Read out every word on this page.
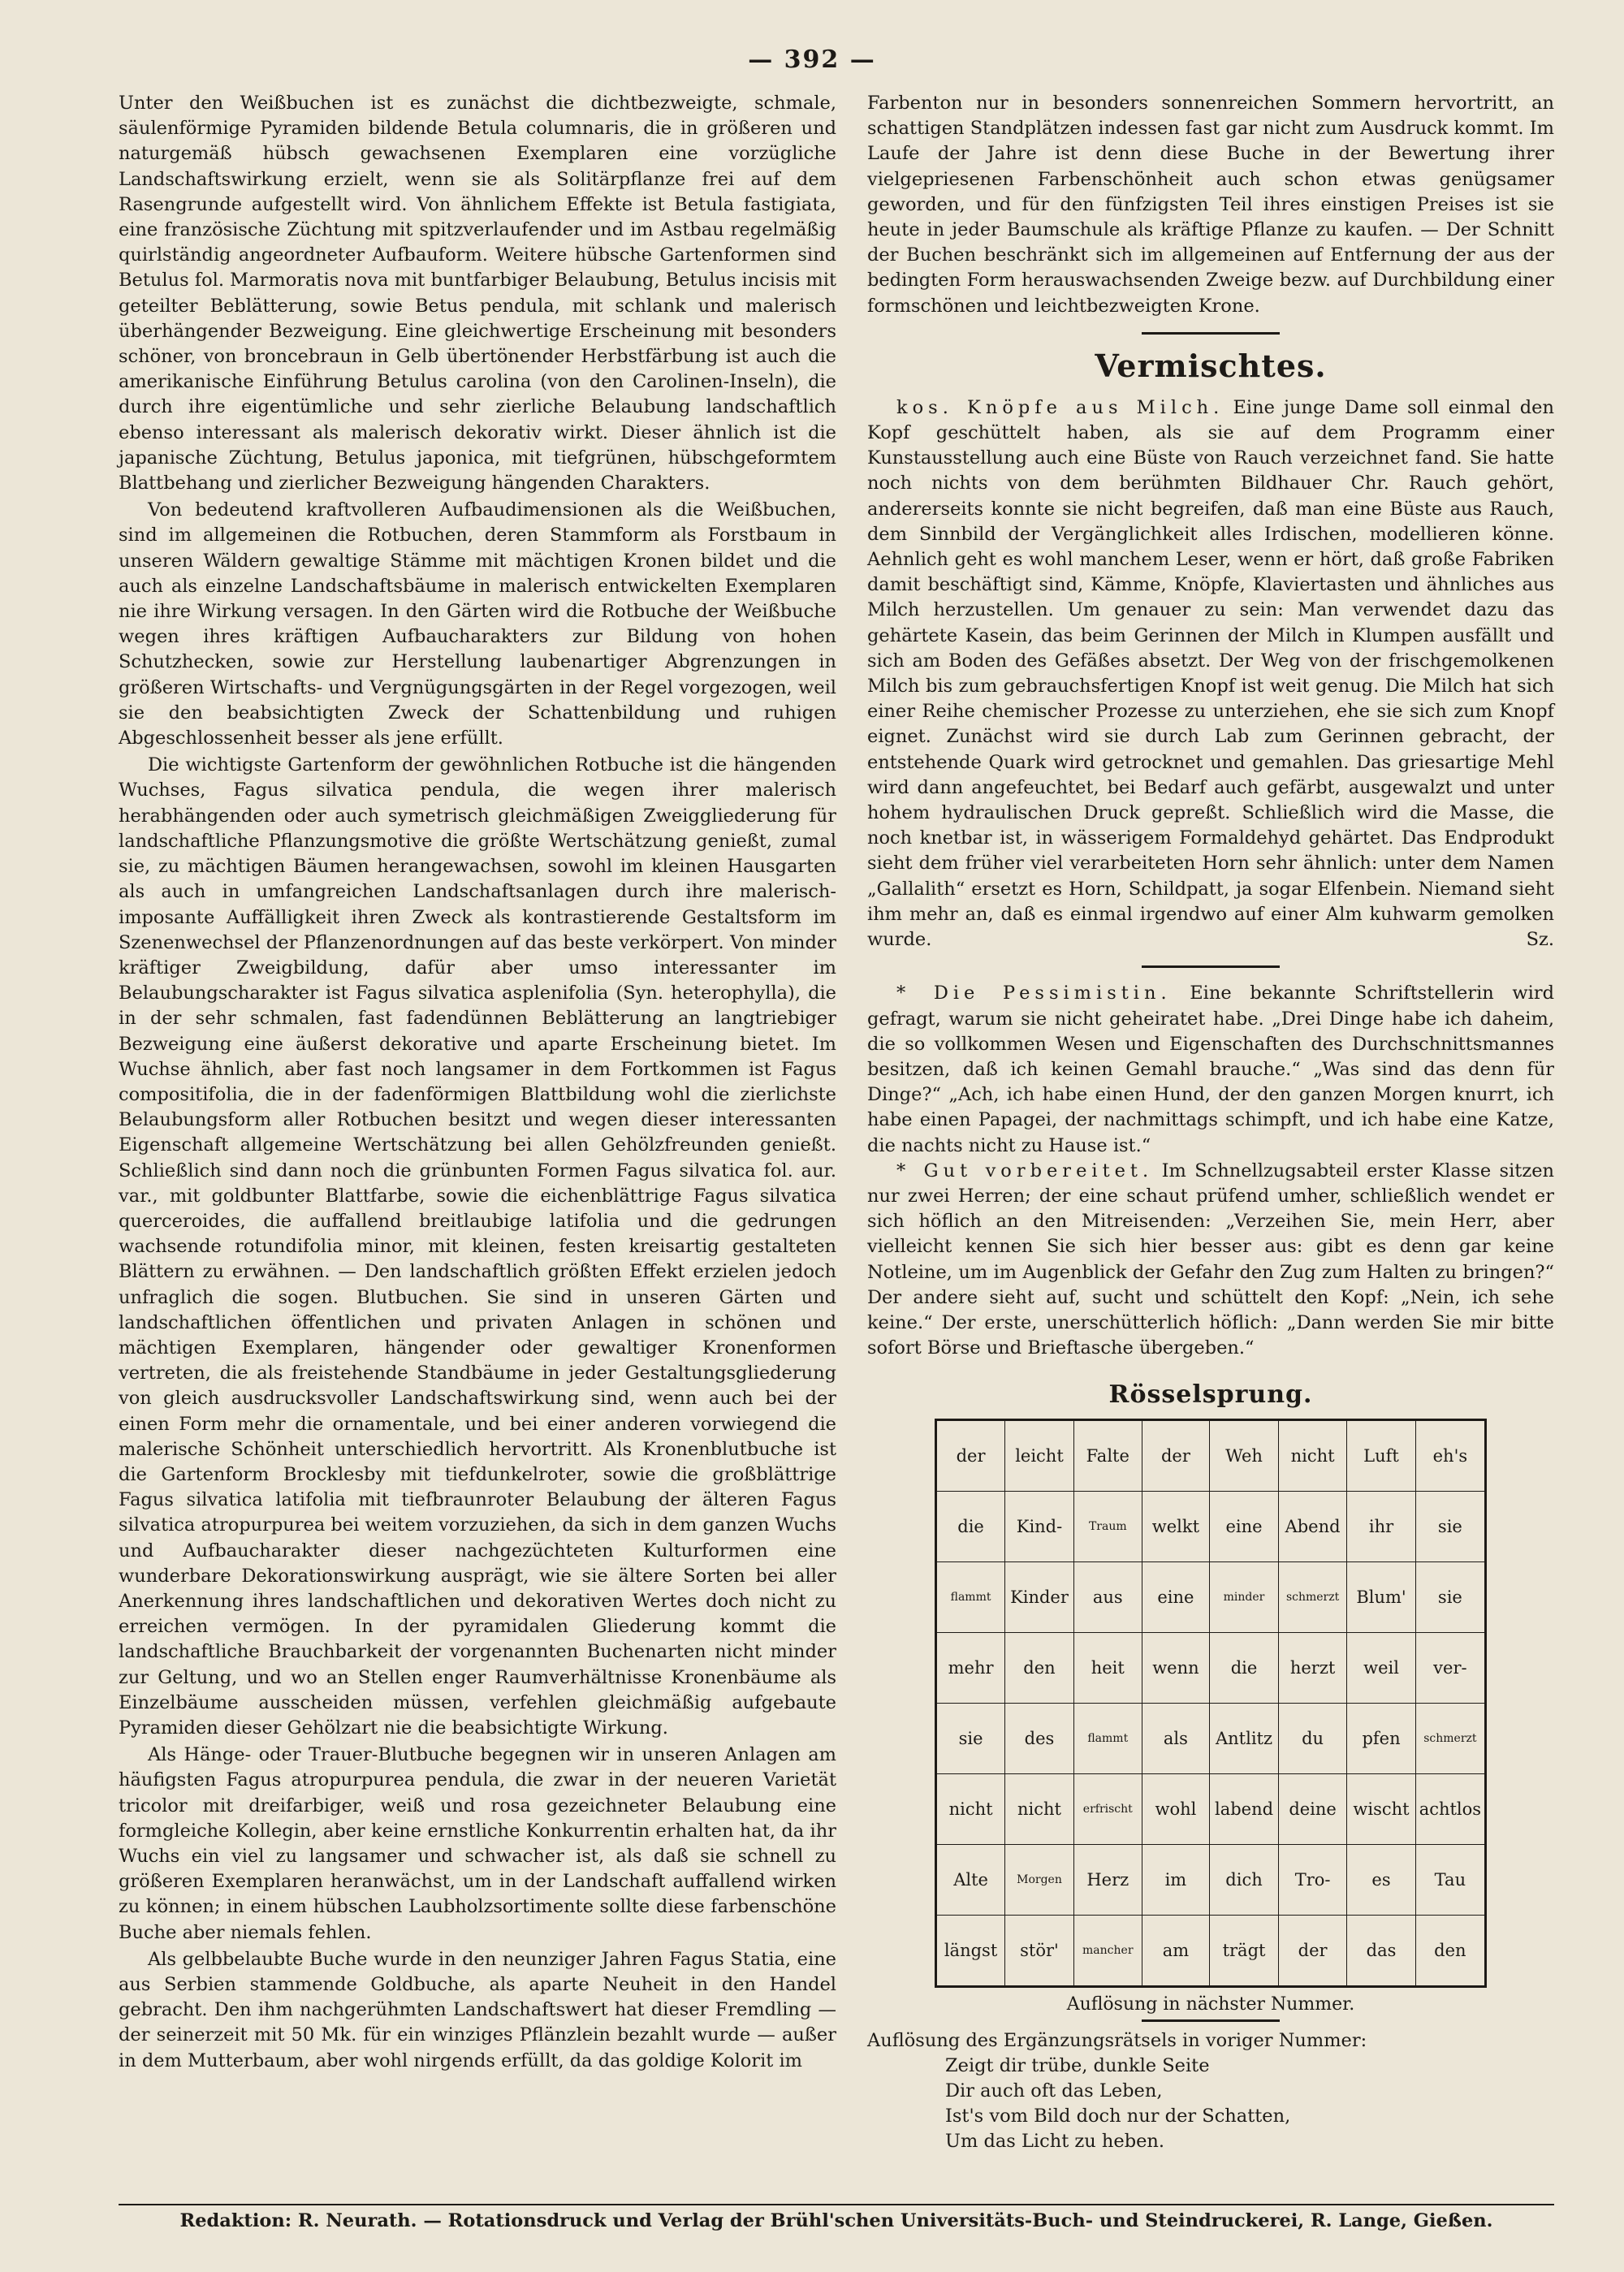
— 392 —

Unter den Weißbuchen ist es zunächst die dichtbezweigte, schmale, säulenförmige Pyramiden bildende Betula columnaris, die in größeren und naturgemäß hübsch gewachsenen Exemplaren eine vorzügliche Landschaftswirkung erzielt, wenn sie als Solitärpflanze frei auf dem Rasengrunde aufgestellt wird. Von ähnlichem Effekte ist Betula fastigiata, eine französische Züchtung mit spitzverlaufender und im Astbau regelmäßig quirlständig angeordneter Aufbauform. Weitere hübsche Gartenformen sind Betulus fol. Marmoratis nova mit buntfarbiger Belaubung, Betulus incisis mit geteilter Beblätterung, sowie Betus pendula, mit schlank und malerisch überhängender Bezweigung. Eine gleichwertige Erscheinung mit besonders schöner, von broncebraun in Gelb übertönender Herbstfärbung ist auch die amerikanische Einführung Betulus carolina (von den Carolinen-Inseln), die durch ihre eigentümliche und sehr zierliche Belaubung landschaftlich ebenso interessant als malerisch dekorativ wirkt. Dieser ähnlich ist die japanische Züchtung, Betulus japonica, mit tiefgrünen, hübschgeformtem Blattbehang und zierlicher Bezweigung hängenden Charakters.

Von bedeutend kraftvolleren Aufbaudimensionen als die Weißbuchen, sind im allgemeinen die Rotbuchen, deren Stammform als Forstbaum in unseren Wäldern gewaltige Stämme mit mächtigen Kronen bildet und die auch als einzelne Landschaftsbäume in malerisch entwickelten Exemplaren nie ihre Wirkung versagen. In den Gärten wird die Rotbuche der Weißbuche wegen ihres kräftigen Aufbaucharakters zur Bildung von hohen Schutzhecken, sowie zur Herstellung laubenartiger Abgrenzungen in größeren Wirtschafts- und Vergnügungsgärten in der Regel vorgezogen, weil sie den beabsichtigten Zweck der Schattenbildung und ruhigen Abgeschlossenheit besser als jene erfüllt.

Die wichtigste Gartenform der gewöhnlichen Rotbuche ist die hängenden Wuchses, Fagus silvatica pendula, die wegen ihrer malerisch herabhängenden oder auch symetrisch gleichmäßigen Zweiggliederung für landschaftliche Pflanzungsmotive die größte Wertschätzung genießt, zumal sie, zu mächtigen Bäumen herangewachsen, sowohl im kleinen Hausgarten als auch in umfangreichen Landschaftsanlagen durch ihre malerisch-imposante Auffälligkeit ihren Zweck als kontrastierende Gestaltsform im Szenenwechsel der Pflanzenordnungen auf das beste verkörpert. Von minder kräftiger Zweigbildung, dafür aber umso interessanter im Belaubungscharakter ist Fagus silvatica asplenifolia (Syn. heterophylla), die in der sehr schmalen, fast fadendünnen Beblätterung an langtriebiger Bezweigung eine äußerst dekorative und aparte Erscheinung bietet. Im Wuchse ähnlich, aber fast noch langsamer in dem Fortkommen ist Fagus compositifolia, die in der fadenförmigen Blattbildung wohl die zierlichste Belaubungsform aller Rotbuchen besitzt und wegen dieser interessanten Eigenschaft allgemeine Wertschätzung bei allen Gehölzfreunden genießt. Schließlich sind dann noch die grünbunten Formen Fagus silvatica fol. aur. var., mit goldbunter Blattfarbe, sowie die eichenblättrige Fagus silvatica querceroides, die auffallend breitlaubige latifolia und die gedrungen wachsende rotundifolia minor, mit kleinen, festen kreisartig gestalteten Blättern zu erwähnen. — Den landschaftlich größten Effekt erzielen jedoch unfraglich die sogen. Blutbuchen. Sie sind in unseren Gärten und landschaftlichen öffentlichen und privaten Anlagen in schönen und mächtigen Exemplaren, hängender oder gewaltiger Kronenformen vertreten, die als freistehende Standbäume in jeder Gestaltungsgliederung von gleich ausdrucksvoller Landschaftswirkung sind, wenn auch bei der einen Form mehr die ornamentale, und bei einer anderen vorwiegend die malerische Schönheit unterschiedlich hervortritt. Als Kronenblutbuche ist die Gartenform Brocklesby mit tiefdunkelroter, sowie die großblättrige Fagus silvatica latifolia mit tiefbraunroter Belaubung der älteren Fagus silvatica atropurpurea bei weitem vorzuziehen, da sich in dem ganzen Wuchs und Aufbaucharakter dieser nachgezüchteten Kulturformen eine wunderbare Dekorationswirkung ausprägt, wie sie ältere Sorten bei aller Anerkennung ihres landschaftlichen und dekorativen Wertes doch nicht zu erreichen vermögen. In der pyramidalen Gliederung kommt die landschaftliche Brauchbarkeit der vorgenannten Buchenarten nicht minder zur Geltung, und wo an Stellen enger Raumverhältnisse Kronenbäume als Einzelbäume ausscheiden müssen, verfehlen gleichmäßig aufgebaute Pyramiden dieser Gehölzart nie die beabsichtigte Wirkung.

Als Hänge- oder Trauer-Blutbuche begegnen wir in unseren Anlagen am häufigsten Fagus atropurpurea pendula, die zwar in der neueren Varietät tricolor mit dreifarbiger, weiß und rosa gezeichneter Belaubung eine formgleiche Kollegin, aber keine ernstliche Konkurrentin erhalten hat, da ihr Wuchs ein viel zu langsamer und schwacher ist, als daß sie schnell zu größeren Exemplaren heranwächst, um in der Landschaft auffallend wirken zu können; in einem hübschen Laubholzsortimente sollte diese farbenschöne Buche aber niemals fehlen.

Als gelbbelaubte Buche wurde in den neunziger Jahren Fagus Statia, eine aus Serbien stammende Goldbuche, als aparte Neuheit in den Handel gebracht. Den ihm nachgerühmten Landschaftswert hat dieser Fremdling — der seinerzeit mit 50 Mk. für ein winziges Pflänzlein bezahlt wurde — außer in dem Mutterbaum, aber wohl nirgends erfüllt, da das goldige Kolorit im

Farbenton nur in besonders sonnenreichen Sommern hervortritt, an schattigen Standplätzen indessen fast gar nicht zum Ausdruck kommt. Im Laufe der Jahre ist denn diese Buche in der Bewertung ihrer vielgepriesenen Farbenschönheit auch schon etwas genügsamer geworden, und für den fünfzigsten Teil ihres einstigen Preises ist sie heute in jeder Baumschule als kräftige Pflanze zu kaufen. — Der Schnitt der Buchen beschränkt sich im allgemeinen auf Entfernung der aus der bedingten Form herauswachsenden Zweige bezw. auf Durchbildung einer formschönen und leichtbezweigten Krone.

Vermischtes.

kos. Knöpfe aus Milch. Eine junge Dame soll einmal den Kopf geschüttelt haben, als sie auf dem Programm einer Kunstausstellung auch eine Büste von Rauch verzeichnet fand. Sie hatte noch nichts von dem berühmten Bildhauer Chr. Rauch gehört, andererseits konnte sie nicht begreifen, daß man eine Büste aus Rauch, dem Sinnbild der Vergänglichkeit alles Irdischen, modellieren könne. Aehnlich geht es wohl manchem Leser, wenn er hört, daß große Fabriken damit beschäftigt sind, Kämme, Knöpfe, Klaviertasten und ähnliches aus Milch herzustellen. Um genauer zu sein: Man verwendet dazu das gehärtete Kasein, das beim Gerinnen der Milch in Klumpen ausfällt und sich am Boden des Gefäßes absetzt. Der Weg von der frischgemolkenen Milch bis zum gebrauchsfertigen Knopf ist weit genug. Die Milch hat sich einer Reihe chemischer Prozesse zu unterziehen, ehe sie sich zum Knopf eignet. Zunächst wird sie durch Lab zum Gerinnen gebracht, der entstehende Quark wird getrocknet und gemahlen. Das griesartige Mehl wird dann angefeuchtet, bei Bedarf auch gefärbt, ausgewalzt und unter hohem hydraulischen Druck gepreßt. Schließlich wird die Masse, die noch knetbar ist, in wässerigem Formaldehyd gehärtet. Das Endprodukt sieht dem früher viel verarbeiteten Horn sehr ähnlich: unter dem Namen „Gallalith“ ersetzt es Horn, Schildpatt, ja sogar Elfenbein. Niemand sieht ihm mehr an, daß es einmal irgendwo auf einer Alm kuhwarm gemolken wurde.	Sz.

* Die Pessimistin. Eine bekannte Schriftstellerin wird gefragt, warum sie nicht geheiratet habe. „Drei Dinge habe ich daheim, die so vollkommen Wesen und Eigenschaften des Durchschnittsmannes besitzen, daß ich keinen Gemahl brauche.“ „Was sind das denn für Dinge?“ „Ach, ich habe einen Hund, der den ganzen Morgen knurrt, ich habe einen Papagei, der nachmittags schimpft, und ich habe eine Katze, die nachts nicht zu Hause ist.“

* Gut vorbereitet. Im Schnellzugsabteil erster Klasse sitzen nur zwei Herren; der eine schaut prüfend umher, schließlich wendet er sich höflich an den Mitreisenden: „Verzeihen Sie, mein Herr, aber vielleicht kennen Sie sich hier besser aus: gibt es denn gar keine Notleine, um im Augenblick der Gefahr den Zug zum Halten zu bringen?“ Der andere sieht auf, sucht und schüttelt den Kopf: „Nein, ich sehe keine.“ Der erste, unerschütterlich höflich: „Dann werden Sie mir bitte sofort Börse und Brieftasche übergeben.“

Rösselsprung.
der	leicht	Falte	der	Weh	nicht	Luft	eh's
die	Kind-	Traum	welkt	eine	Abend	ihr	sie
flammt	Kinder	aus	eine	minder	schmerzt	Blum'	sie
mehr	den	heit	wenn	die	herzt	weil	ver-
sie	des	flammt	als	Antlitz	du	pfen	schmerzt
nicht	nicht	erfrischt	wohl	labend	deine	wischt	achtlos
Alte	Morgen	Herz	im	dich	Tro-	es	Tau
längst	stör'	mancher	am	trägt	der	das	den
Auflösung in nächster Nummer.
Auflösung des Ergänzungsrätsels in voriger Nummer:
Zeigt dir trübe, dunkle Seite
Dir auch oft das Leben,
Ist's vom Bild doch nur der Schatten,
Um das Licht zu heben.
Redaktion: R. Neurath. — Rotationsdruck und Verlag der Brühl'schen Universitäts-Buch- und Steindruckerei, R. Lange, Gießen.
